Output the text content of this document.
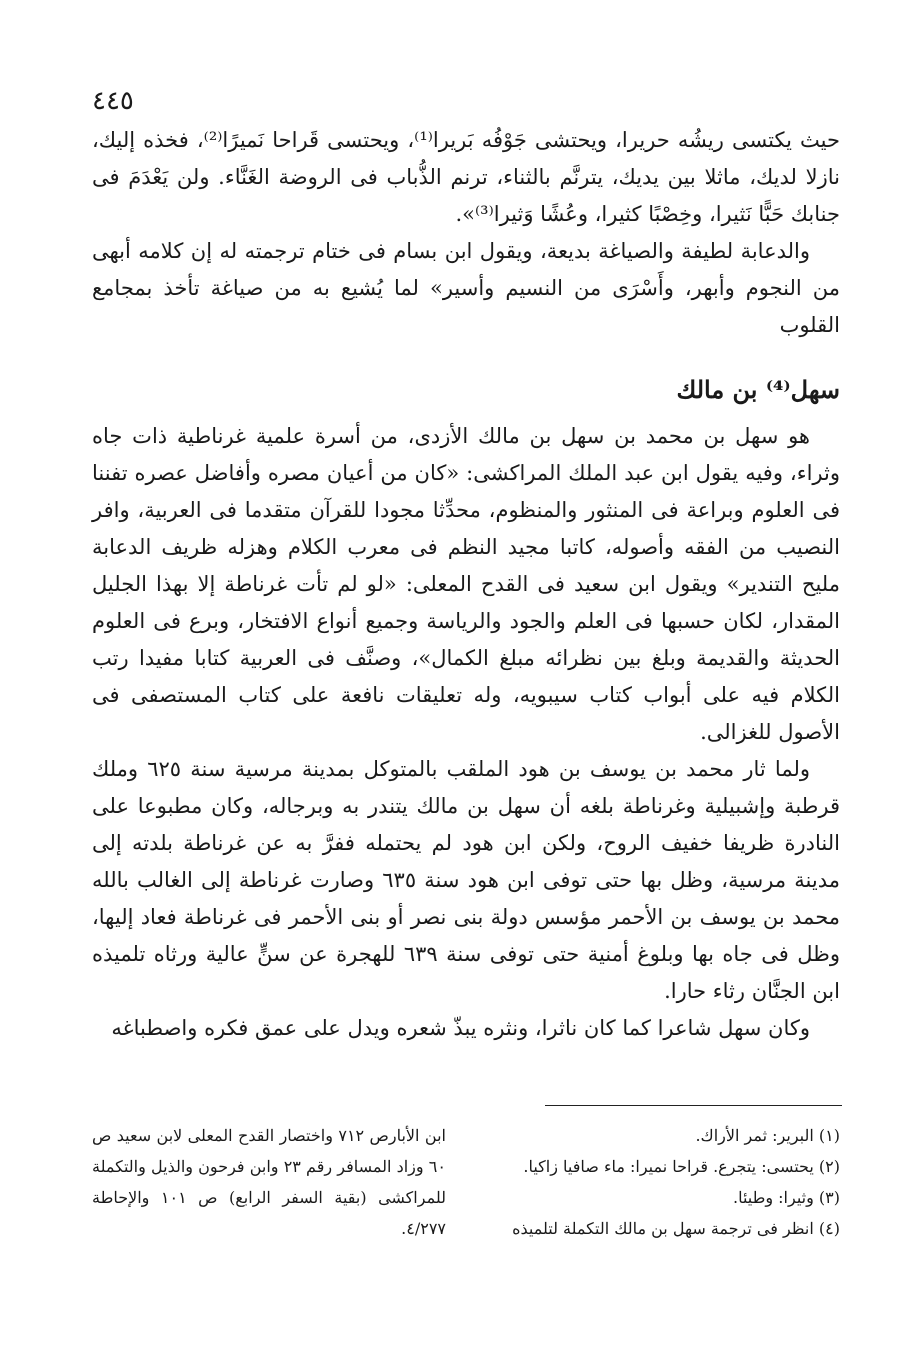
٤٤٥

حيث يكتسى ريشُه حريرا، ويحتشى جَوْفُه بَريرا⁽¹⁾، ويحتسى قَراحا نَميرًا⁽²⁾، فخذه إليك، نازلا لديك، ماثلا بين يديك، يترنَّم بالثناء، ترنم الذُّباب فى الروضة الغَنَّاء. ولن يَعْدَمَ فى جنابك حَبًّا نَثيرا، وخِصْبًا كثيرا، وعُشًا وَثيرا⁽³⁾».

والدعابة لطيفة والصياغة بديعة، ويقول ابن بسام فى ختام ترجمته له إن كلامه أبهى من النجوم وأبهر، وأَسْرَى من النسيم وأسير» لما يُشيع به من صياغة تأخذ بمجامع القلوب

سهل⁽⁴⁾ بن مالك

هو سهل بن محمد بن سهل بن مالك الأزدى، من أسرة علمية غرناطية ذات جاه وثراء، وفيه يقول ابن عبد الملك المراكشى: «كان من أعيان مصره وأفاضل عصره تفننا فى العلوم وبراعة فى المنثور والمنظوم، محدِّثا مجودا للقرآن متقدما فى العربية، وافر النصيب من الفقه وأصوله، كاتبا مجيد النظم فى معرب الكلام وهزله ظريف الدعابة مليح التندير» ويقول ابن سعيد فى القدح المعلى: «لو لم تأت غرناطة إلا بهذا الجليل المقدار، لكان حسبها فى العلم والجود والرياسة وجميع أنواع الافتخار، وبرع فى العلوم الحديثة والقديمة وبلغ بين نظرائه مبلغ الكمال»، وصنَّف فى العربية كتابا مفيدا رتب الكلام فيه على أبواب كتاب سيبويه، وله تعليقات نافعة على كتاب المستصفى فى الأصول للغزالى.

ولما ثار محمد بن يوسف بن هود الملقب بالمتوكل بمدينة مرسية سنة ٦٢٥ وملك قرطبة وإشبيلية وغرناطة بلغه أن سهل بن مالك يتندر به وبرجاله، وكان مطبوعا على النادرة ظريفا خفيف الروح، ولكن ابن هود لم يحتمله ففرَّ به عن غرناطة بلدته إلى مدينة مرسية، وظل بها حتى توفى ابن هود سنة ٦٣٥ وصارت غرناطة إلى الغالب بالله محمد بن يوسف بن الأحمر مؤسس دولة بنى نصر أو بنى الأحمر فى غرناطة فعاد إليها، وظل فى جاه بها وبلوغ أمنية حتى توفى سنة ٦٣٩ للهجرة عن سنٍّ عالية ورثاه تلميذه ابن الجنَّان رثاء حارا.

وكان سهل شاعرا كما كان ناثرا، ونثره يبذّ شعره ويدل على عمق فكره واصطباغه

(١) البرير: ثمر الأراك.

(٢) يحتسى: يتجرع. قراحا نميرا: ماء صافيا زاكيا.

(٣) وثيرا: وطيئا.

(٤) انظر فى ترجمة سهل بن مالك التكملة لتلميذه

ابن الأبارص ٧١٢ واختصار القدح المعلى لابن سعيد ص ٦٠ وزاد المسافر رقم ٢٣ وابن فرحون والذيل والتكملة للمراكشى (بقية السفر الرابع) ص ١٠١ والإحاطة ٤/٢٧٧.
